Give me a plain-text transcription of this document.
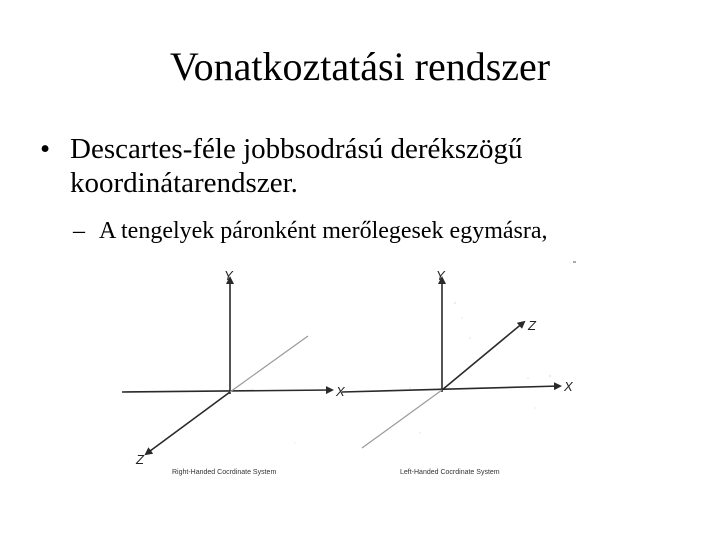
Vonatkoztatási rendszer
• Descartes-féle jobbsodrású derékszögű koordinátarendszer.
– A tengelyek páronként merőlegesek egymásra,
Y
X
Z
Right-Handed Cocrdinate System
Y
X
Z
Left-Handed Cocrdinate System
